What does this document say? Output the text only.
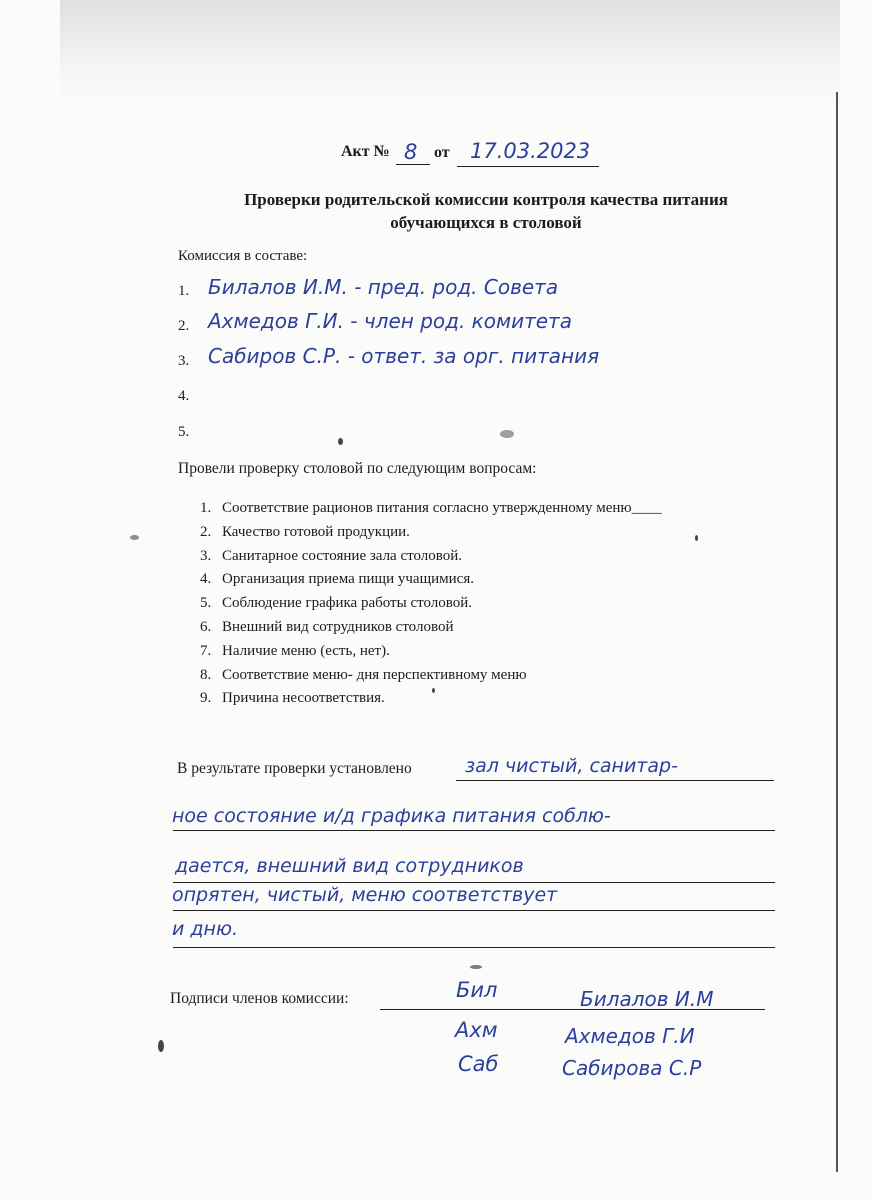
Акт № 8 от 17.03.2023
Проверки родительской комиссии контроля качества питания
обучающихся в столовой
Комиссия в составе:
1. Билалов И.М. - пред. род. Совета
2. Ахмедов Г.И. - член род. комитета
3. Сабиров С.Р. - ответ. за орг. питания
4.
5.
Провели проверку столовой по следующим вопросам:
1. Соответствие рационов питания согласно утвержденному меню____
2. Качество готовой продукции.
3. Санитарное состояние зала столовой.
4. Организация приема пищи учащимися.
5. Соблюдение графика работы столовой.
6. Внешний вид сотрудников столовой
7. Наличие меню (есть, нет).
8. Соответствие меню- дня перспективному меню
9. Причина несоответствия.
В результате проверки установлено	зал чистый, санитар-
ное состояние и/д графика питания соблю-
дается, внешний вид сотрудников
опрятен, чистый, меню соответствует
и дню.
Подписи членов комиссии:	Бил	Билалов И.М
Ахм	Ахмедов Г.И
Саб	Сабирова С.Р
